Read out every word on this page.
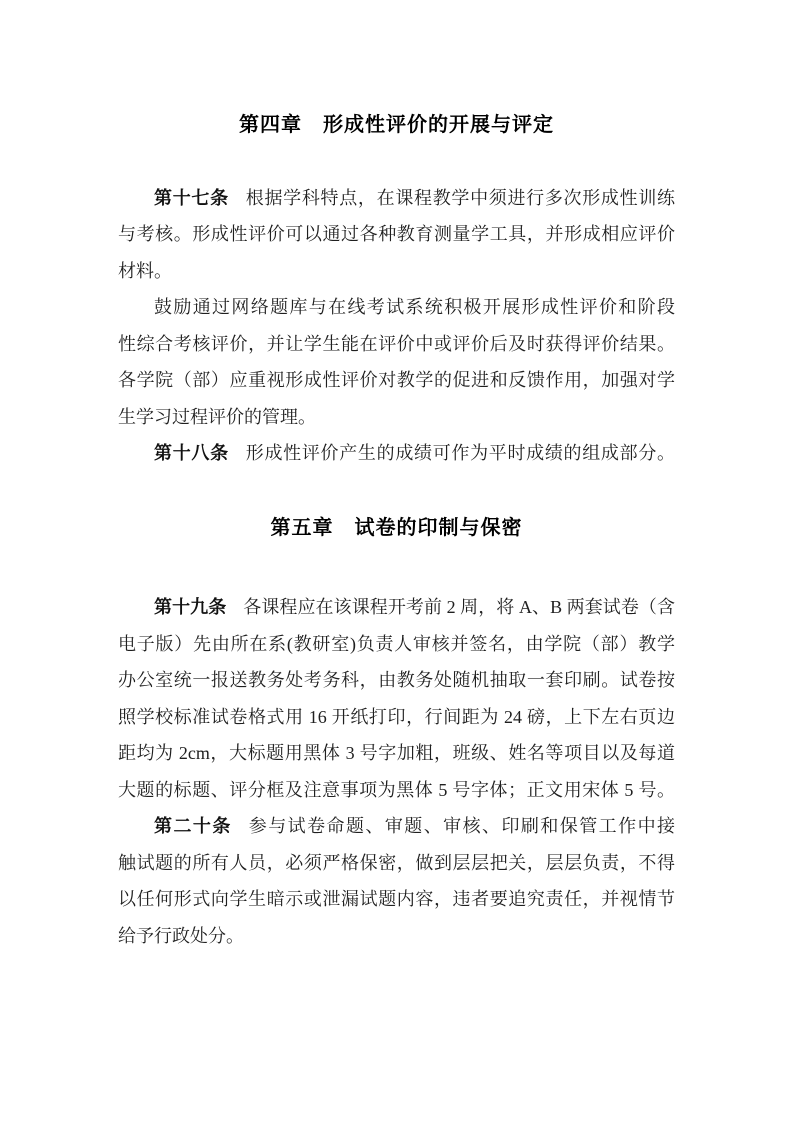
第四章　形成性评价的开展与评定
第十七条 根据学科特点，在课程教学中须进行多次形成性训练
与考核。形成性评价可以通过各种教育测量学工具，并形成相应评价
材料。
鼓励通过网络题库与在线考试系统积极开展形成性评价和阶段
性综合考核评价，并让学生能在评价中或评价后及时获得评价结果。
各学院（部）应重视形成性评价对教学的促进和反馈作用，加强对学
生学习过程评价的管理。
第十八条 形成性评价产生的成绩可作为平时成绩的组成部分。
第五章　试卷的印制与保密
第十九条 各课程应在该课程开考前 2 周，将 A、B 两套试卷（含
电子版）先由所在系(教研室)负责人审核并签名，由学院（部）教学
办公室统一报送教务处考务科，由教务处随机抽取一套印刷。试卷按
照学校标准试卷格式用 16 开纸打印，行间距为 24 磅，上下左右页边
距均为 2cm，大标题用黑体 3 号字加粗，班级、姓名等项目以及每道
大题的标题、评分框及注意事项为黑体 5 号字体；正文用宋体 5 号。
第二十条 参与试卷命题、审题、审核、印刷和保管工作中接
触试题的所有人员，必须严格保密，做到层层把关，层层负责，不得
以任何形式向学生暗示或泄漏试题内容，违者要追究责任，并视情节
给予行政处分。
